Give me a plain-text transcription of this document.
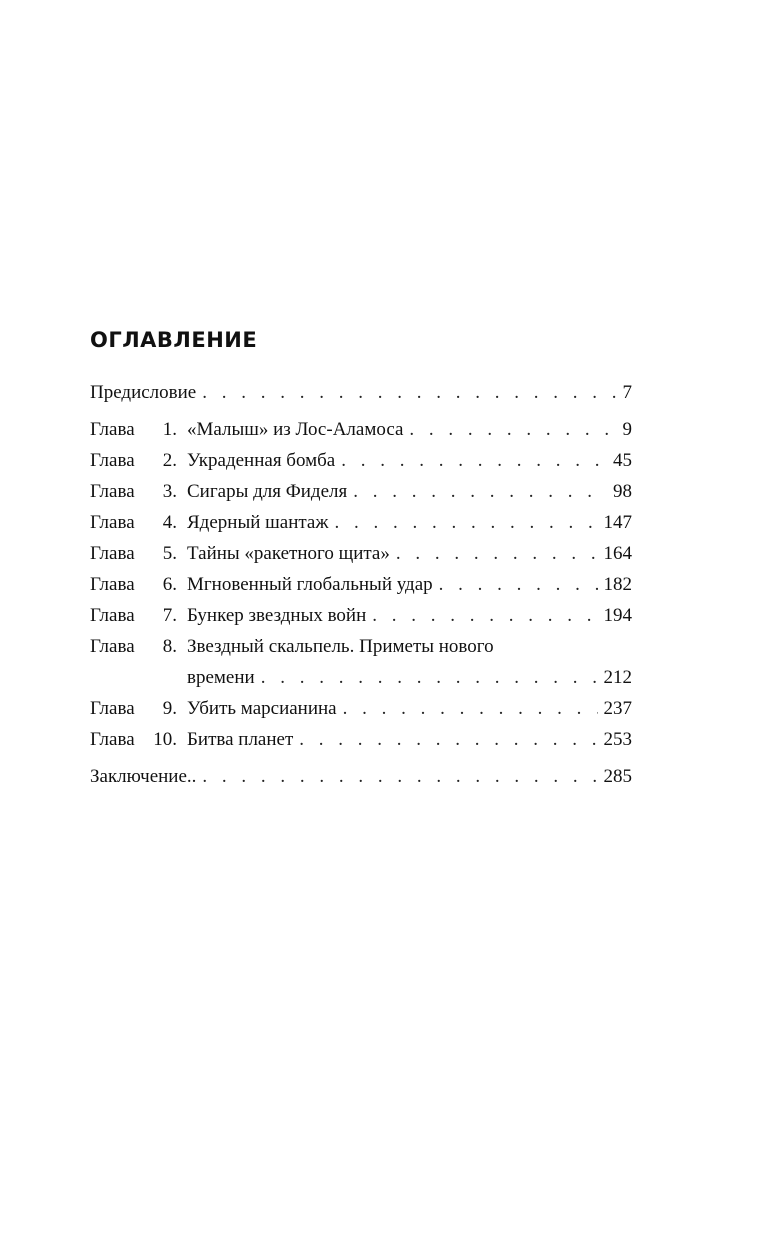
ОГЛАВЛЕНИЕ
Предисловие . . .	7
Глава 1. «Малыш» из Лос-Аламоса . . .	9
Глава 2. Украденная бомба . . .	45
Глава 3. Сигары для Фиделя . . .	98
Глава 4. Ядерный шантаж . . .	147
Глава 5. Тайны «ракетного щита» . . .	164
Глава 6. Мгновенный глобальный удар . . .	182
Глава 7. Бункер звездных войн . . .	194
Глава 8. Звездный скальпель. Приметы нового
времени . . .	212
Глава 9. Убить марсианина . . .	237
Глава 10. Битва планет . . .	253
Заключение.. . . .	285
